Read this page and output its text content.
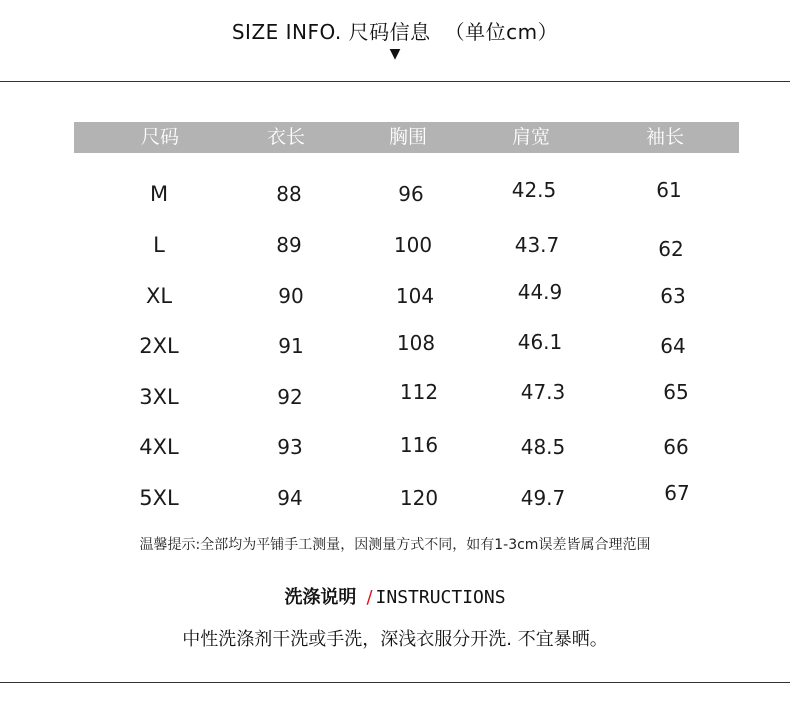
SIZE INFO. 尺码信息 （单位cm）
▼
尺码	衣长	胸围	肩宽	袖长
M	88	96	42.5	61
L	89	100	43.7	62
XL	90	104	44.9	63
2XL	91	108	46.1	64
3XL	92	112	47.3	65
4XL	93	116	48.5	66
5XL	94	120	49.7	67
温馨提示:全部均为平铺手工测量，因测量方式不同，如有1-3cm误差皆属合理范围
洗涤说明 / INSTRUCTIONS
中性洗涤剂干洗或手洗，深浅衣服分开洗. 不宜暴晒。
